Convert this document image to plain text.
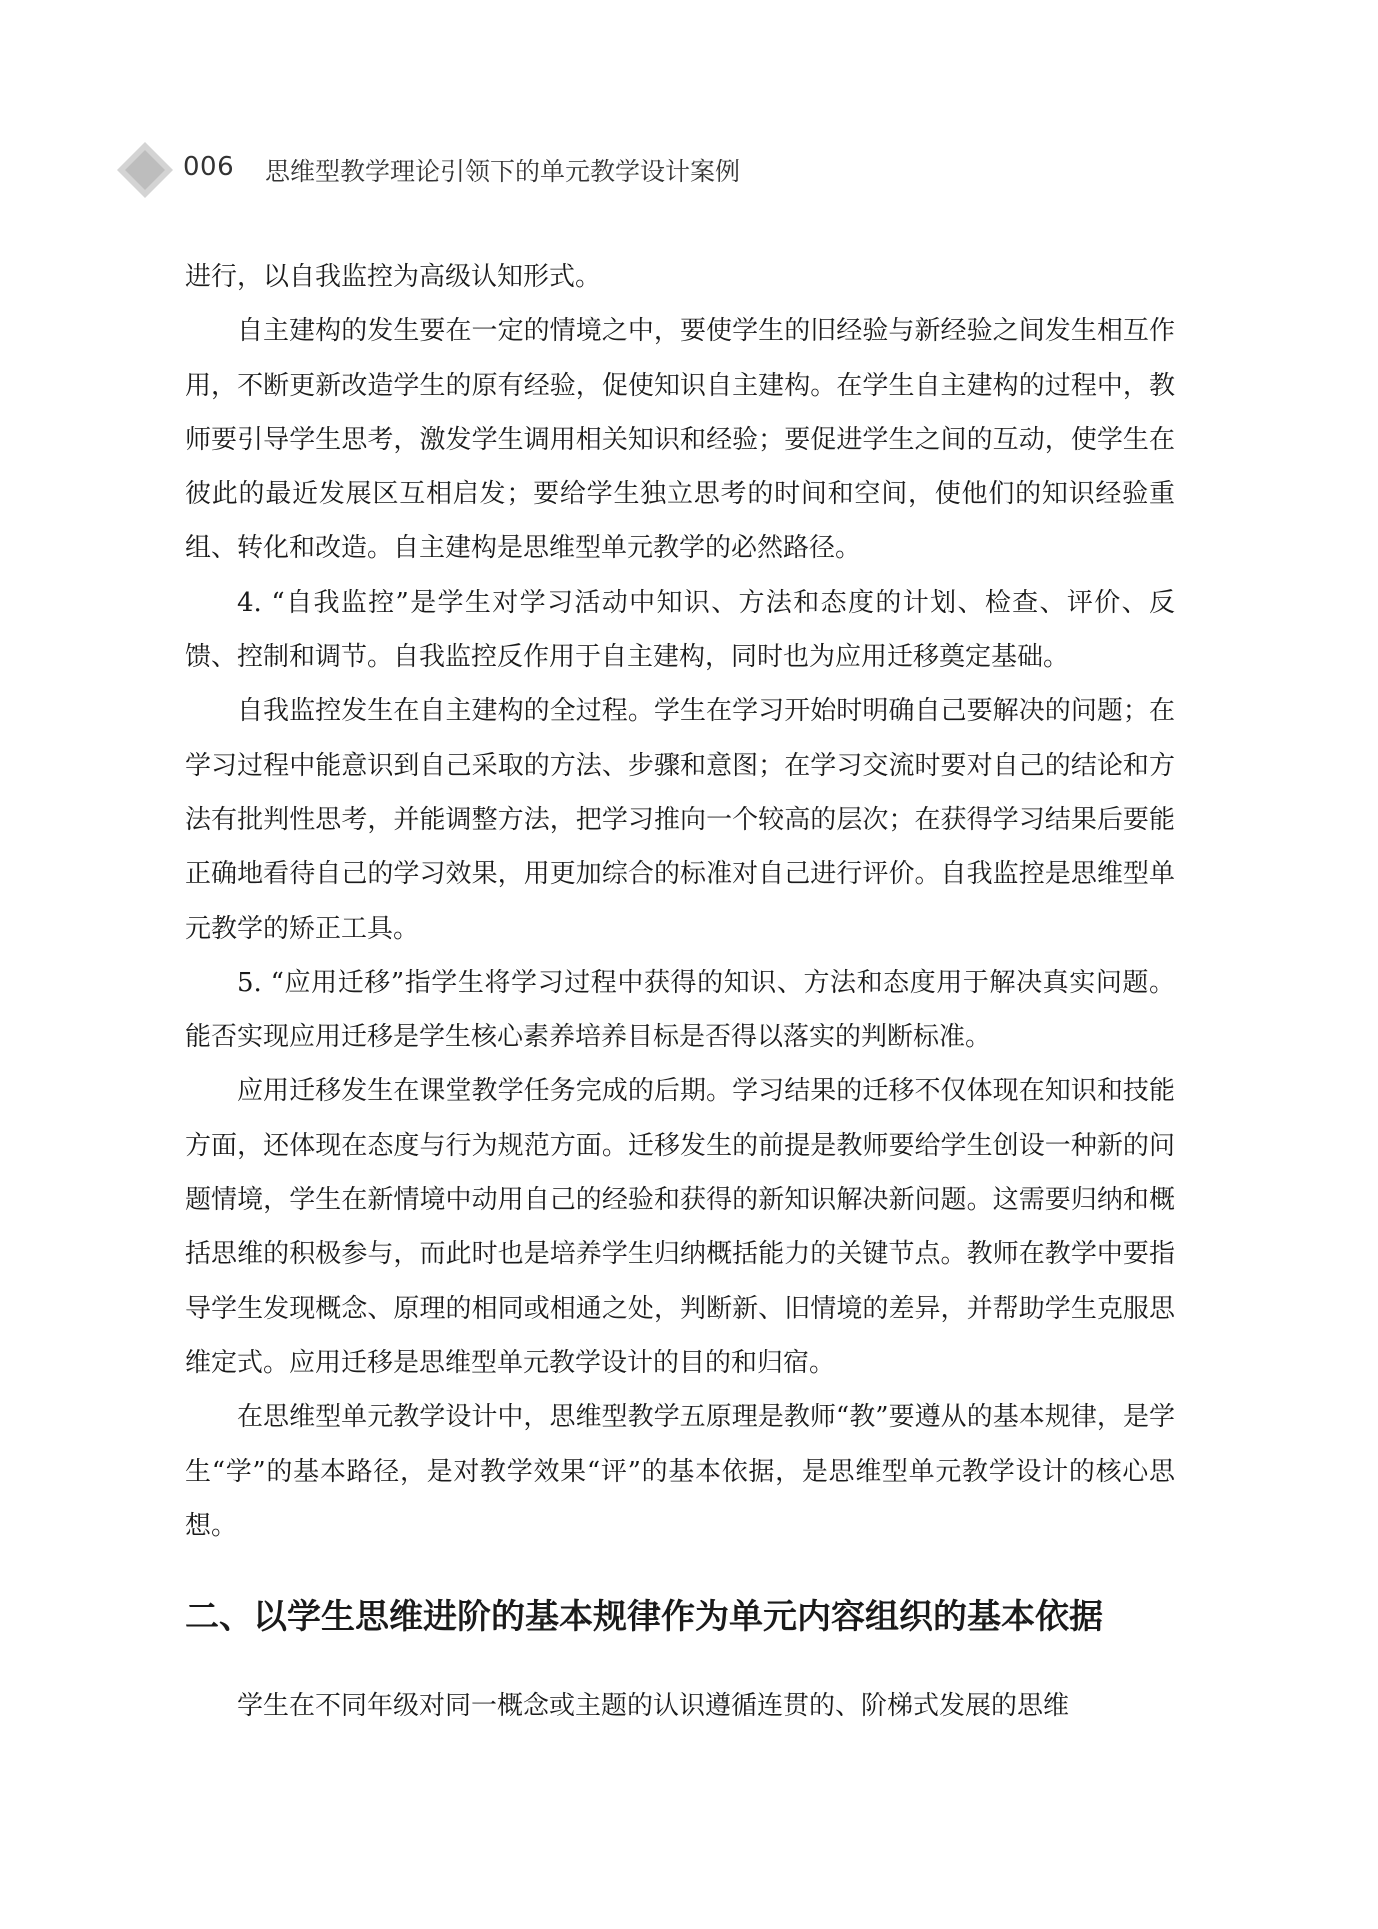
006 思维型教学理论引领下的单元教学设计案例

进行，以自我监控为高级认知形式。

自主建构的发生要在一定的情境之中，要使学生的旧经验与新经验之间发生相互作用，不断更新改造学生的原有经验，促使知识自主建构。在学生自主建构的过程中，教师要引导学生思考，激发学生调用相关知识和经验；要促进学生之间的互动，使学生在彼此的最近发展区互相启发；要给学生独立思考的时间和空间，使他们的知识经验重组、转化和改造。自主建构是思维型单元教学的必然路径。

4. “自我监控”是学生对学习活动中知识、方法和态度的计划、检查、评价、反馈、控制和调节。自我监控反作用于自主建构，同时也为应用迁移奠定基础。

自我监控发生在自主建构的全过程。学生在学习开始时明确自己要解决的问题；在学习过程中能意识到自己采取的方法、步骤和意图；在学习交流时要对自己的结论和方法有批判性思考，并能调整方法，把学习推向一个较高的层次；在获得学习结果后要能正确地看待自己的学习效果，用更加综合的标准对自己进行评价。自我监控是思维型单元教学的矫正工具。

5. “应用迁移”指学生将学习过程中获得的知识、方法和态度用于解决真实问题。能否实现应用迁移是学生核心素养培养目标是否得以落实的判断标准。

应用迁移发生在课堂教学任务完成的后期。学习结果的迁移不仅体现在知识和技能方面，还体现在态度与行为规范方面。迁移发生的前提是教师要给学生创设一种新的问题情境，学生在新情境中动用自己的经验和获得的新知识解决新问题。这需要归纳和概括思维的积极参与，而此时也是培养学生归纳概括能力的关键节点。教师在教学中要指导学生发现概念、原理的相同或相通之处，判断新、旧情境的差异，并帮助学生克服思维定式。应用迁移是思维型单元教学设计的目的和归宿。

在思维型单元教学设计中，思维型教学五原理是教师“教”要遵从的基本规律，是学生“学”的基本路径，是对教学效果“评”的基本依据，是思维型单元教学设计的核心思想。

二、以学生思维进阶的基本规律作为单元内容组织的基本依据

学生在不同年级对同一概念或主题的认识遵循连贯的、阶梯式发展的思维
